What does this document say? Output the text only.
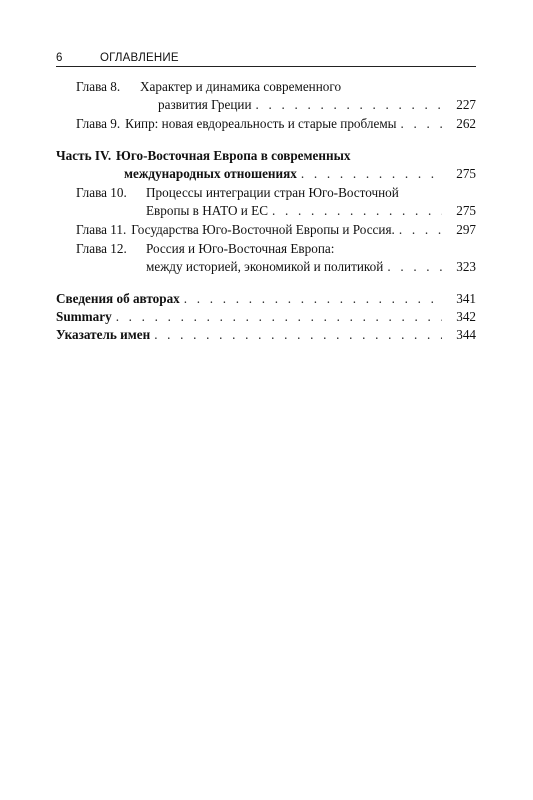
6	ОГЛАВЛЕНИЕ
Глава 8. Характер и динамика современного
развития Греции . . .	227
Глава 9. Кипр: новая евдореальность и старые проблемы . . .	262
Часть IV. Юго-Восточная Европа в современных
международных отношениях . . .	275
Глава 10. Процессы интеграции стран Юго-Восточной
Европы в НАТО и ЕС . . .	275
Глава 11. Государства Юго-Восточной Европы и Россия. . . .	297
Глава 12. Россия и Юго-Восточная Европа:
между историей, экономикой и политикой . . .	323
Сведения об авторах . . .	341
Summary . . .	342
Указатель имен . . .	344
